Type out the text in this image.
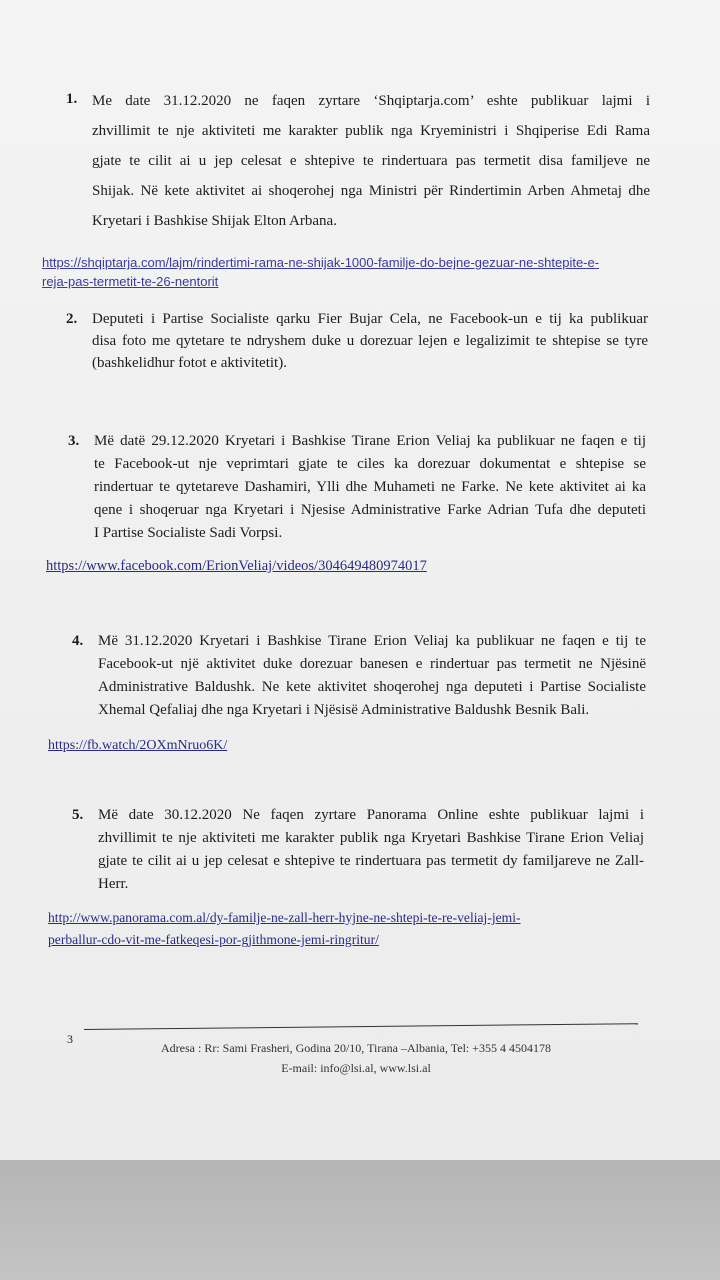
1. Me date 31.12.2020 ne faqen zyrtare ‘Shqiptarja.com’ eshte publikuar lajmi i

zhvillimit te nje aktiviteti me karakter publik nga Kryeministri i Shqiperise Edi Rama

gjate te cilit ai u jep celesat e shtepive te rindertuara pas termetit disa familjeve ne

Shijak. Në kete aktivitet ai shoqerohej nga Ministri për Rindertimin Arben Ahmetaj dhe

Kryetari i Bashkise Shijak Elton Arbana.

https://shqiptarja.com/lajm/rindertimi-rama-ne-shijak-1000-familje-do-bejne-gezuar-ne-shtepite-e-
reja-pas-termetit-te-26-nentorit
2. Deputeti i Partise Socialiste qarku Fier Bujar Cela, ne Facebook-un e tij ka publikuar

disa foto me qytetare te ndryshem duke u dorezuar lejen e legalizimit te shtepise se tyre

(bashkelidhur fotot e aktivitetit).

3. Më datë 29.12.2020 Kryetari i Bashkise Tirane Erion Veliaj ka publikuar ne faqen e tij

te Facebook-ut nje veprimtari gjate te ciles ka dorezuar dokumentat e shtepise se

rindertuar te qytetareve Dashamiri, Ylli dhe Muhameti ne Farke. Ne kete aktivitet ai ka

qene i shoqeruar nga Kryetari i Njesise Administrative Farke Adrian Tufa dhe deputeti

I Partise Socialiste Sadi Vorpsi.

https://www.facebook.com/ErionVeliaj/videos/304649480974017
4. Më 31.12.2020 Kryetari i Bashkise Tirane Erion Veliaj ka publikuar ne faqen e tij te

Facebook-ut një aktivitet duke dorezuar banesen e rindertuar pas termetit ne Njësinë

Administrative Baldushk. Ne kete aktivitet shoqerohej nga deputeti i Partise Socialiste

Xhemal Qefaliaj dhe nga Kryetari i Njësisë Administrative Baldushk Besnik Bali.

https://fb.watch/2OXmNruo6K/
5. Më date 30.12.2020 Ne faqen zyrtare Panorama Online eshte publikuar lajmi i

zhvillimit te nje aktiviteti me karakter publik nga Kryetari Bashkise Tirane Erion Veliaj

gjate te cilit ai u jep celesat e shtepive te rindertuara pas termetit dy familjareve ne Zall-

Herr.

http://www.panorama.com.al/dy-familje-ne-zall-herr-hyjne-ne-shtepi-te-re-veliaj-jemi-
perballur-cdo-vit-me-fatkeqesi-por-gjithmone-jemi-ringritur/
3
Adresa : Rr: Sami Frasheri, Godina 20/10, Tirana –Albania, Tel: +355 4 4504178
E-mail: info@lsi.al, www.lsi.al
